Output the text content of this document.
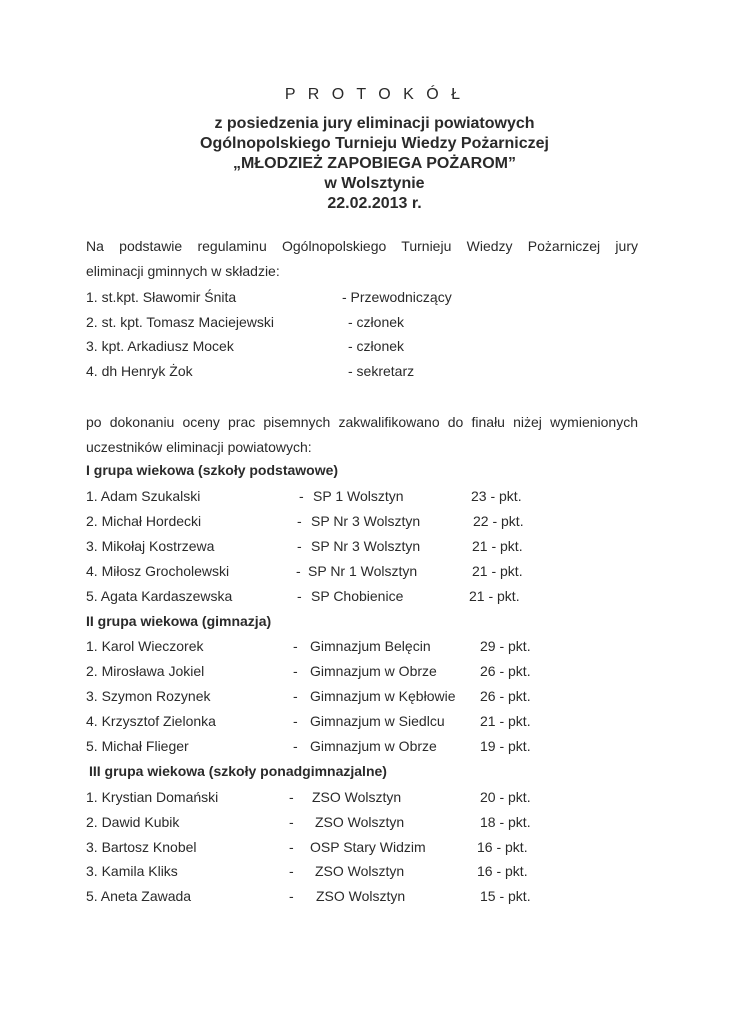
P R O T O K Ó Ł
z posiedzenia jury eliminacji powiatowych
Ogólnopolskiego Turnieju Wiedzy Pożarniczej
„MŁODZIEŻ ZAPOBIEGA POŻAROM”
w Wolsztynie
22.02.2013 r.
Na podstawie regulaminu Ogólnopolskiego Turnieju Wiedzy Pożarniczej jury
eliminacji gminnych w składzie:
1. st.kpt. Sławomir Śnita	- Przewodniczący
2. st. kpt. Tomasz Maciejewski	- członek
3. kpt. Arkadiusz Mocek	- członek
4. dh Henryk Żok	- sekretarz
po dokonaniu oceny prac pisemnych zakwalifikowano do finału niżej wymienionych
uczestników eliminacji powiatowych:
I grupa wiekowa (szkoły podstawowe)
1. Adam Szukalski	- SP 1 Wolsztyn	23 - pkt.
2. Michał Hordecki	- SP Nr 3 Wolsztyn	22 - pkt.
3. Mikołaj Kostrzewa	- SP Nr 3 Wolsztyn	21 - pkt.
4. Miłosz Grocholewski	- SP Nr 1 Wolsztyn	21 - pkt.
5. Agata Kardaszewska	- SP Chobienice	21 - pkt.
II grupa wiekowa (gimnazja)
1. Karol Wieczorek	- Gimnazjum Belęcin	29 - pkt.
2. Mirosława Jokiel	- Gimnazjum w Obrze	26 - pkt.
3. Szymon Rozynek	- Gimnazjum w Kębłowie 26 - pkt.
4. Krzysztof Zielonka	- Gimnazjum w Siedlcu	21 - pkt.
5. Michał Flieger	- Gimnazjum w Obrze	19 - pkt.
III grupa wiekowa (szkoły ponadgimnazjalne)
1. Krystian Domański	- ZSO Wolsztyn	20 - pkt.
2. Dawid Kubik	- ZSO Wolsztyn	18 - pkt.
3. Bartosz Knobel	- OSP Stary Widzim	16 - pkt.
3. Kamila Kliks	- ZSO Wolsztyn	16 - pkt.
5. Aneta Zawada	- ZSO Wolsztyn	15 - pkt.
